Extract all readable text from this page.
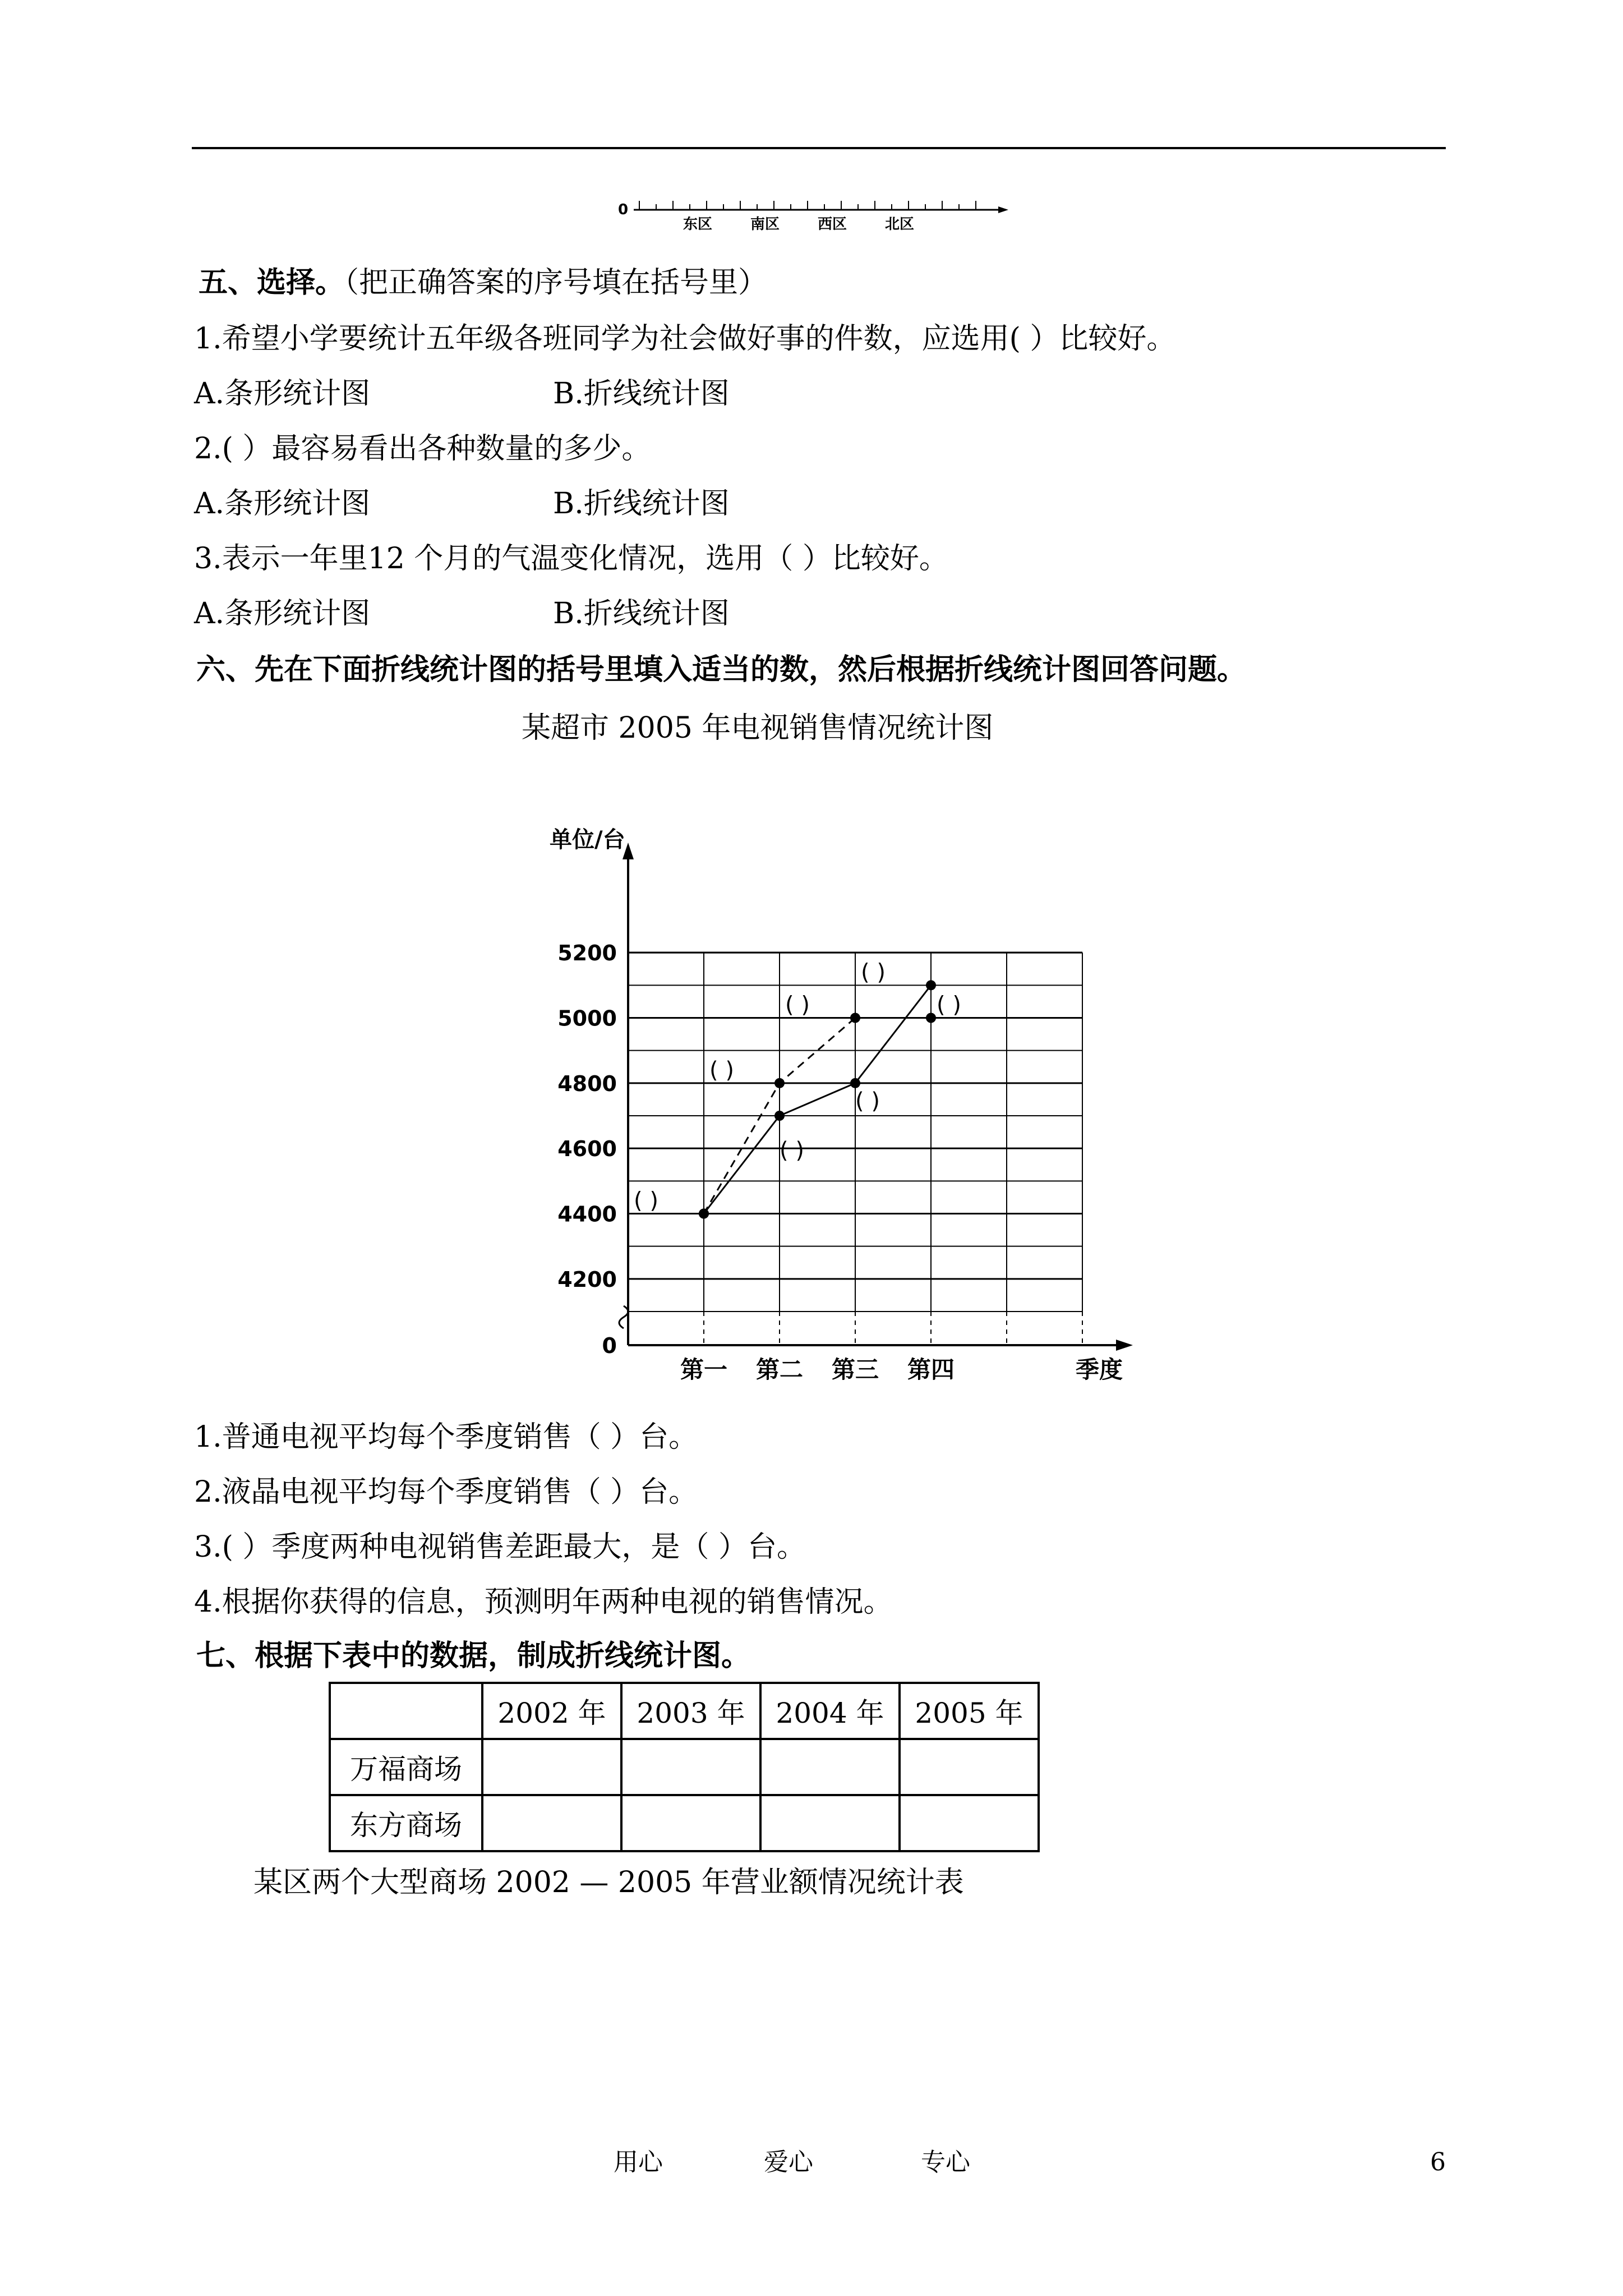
0
东区	南区	西区	北区
五、选择。（把正确答案的序号填在括号里）
1.希望小学要统计五年级各班同学为社会做好事的件数，应选用( ）比较好。
A.条形统计图	B.折线统计图
2.( ）最容易看出各种数量的多少。
A.条形统计图	B.折线统计图
3.表示一年里12 个月的气温变化情况，选用（ ）比较好。
A.条形统计图	B.折线统计图
六、先在下面折线统计图的括号里填入适当的数，然后根据折线统计图回答问题。
某超市 2005 年电视销售情况统计图
单位/台
4200
4400
4600
4800
5000
5200
0
第一 第二 第三 第四	季度
( )
( )
( )
( )
( )
( )
( )
1.普通电视平均每个季度销售（ ）台。
2.液晶电视平均每个季度销售（ ）台。
3.( ）季度两种电视销售差距最大，是（ ）台。
4.根据你获得的信息，预测明年两种电视的销售情况。
七、根据下表中的数据，制成折线统计图。
	2002 年	2003 年	2004 年	2005 年
万福商场				
东方商场				
某区两个大型商场 2002 — 2005 年营业额情况统计表
用心	爱心	专心	6
